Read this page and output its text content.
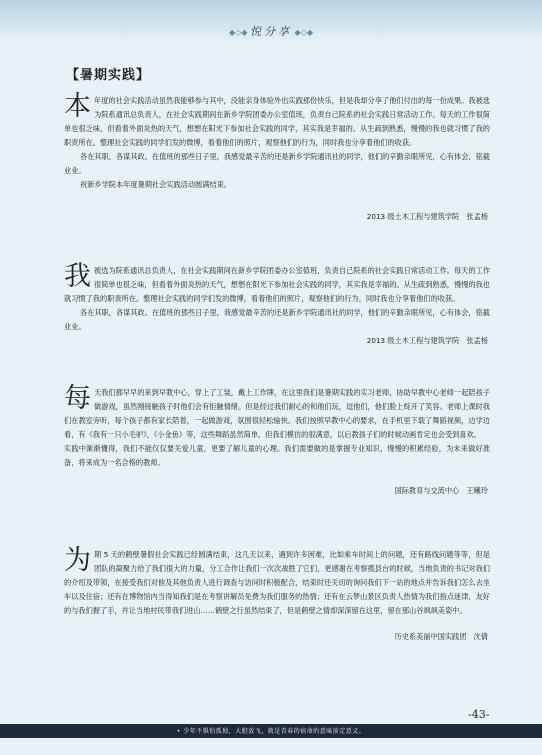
◆◇◆ 悦分享 ◆◇◆
【暑期实践】

本年度的社会实践活动虽然我能够参与其中，没能亲身体验外出实践那份快乐，但是我却分享了他们付出的每一份成果。我被选为院系通讯总负责人，在社会实践期间在新乡学院团委办公室值班，负责自己院系的社会实践日常活动工作。每天的工作很简单也很乏味，但看着外面炎热的天气，想想在阳光下参加社会实践的同学，其实我是幸福的。从生疏到熟悉，慢慢的我也就习惯了我的职责所在。整理社会实践的同学们发的微博，看着他们的照片，观察他们的行为，同时我也分享着他们的收获。

各在其职，各谋其政。在值班的那些日子里，我感觉最辛苦的还是新乡学院通讯社的同学，他们的辛勤亲眼所见，心有体会，铭截业业。

祝新乡学院本年度暑期社会实践活动圆满结束。

2013 级土木工程与建筑学院　张孟杨

我被选为院系通讯总负责人，在社会实践期间在新乡学院团委办公室值班，负责自己院系的社会实践日常活动工作。每天的工作很简单也很乏味，但看着外面炎热的天气，想想在阳光下参加社会实践的同学，其实我是幸福的。从生疏到熟悉，慢慢的我也就习惯了我的职责所在。整理社会实践的同学们发的微博，看着他们的照片，观察他们的行为，同时我也分享着他们的收获。

各在其职，各谋其政。在值班的那些日子里，我感觉最辛苦的还是新乡学院通讯社的同学，他们的辛勤亲眼所见，心有体会，铭截业业。

2013 级土木工程与建筑学院　张孟杨

每天我们都早早的来到早教中心，穿上了工装，戴上工作牌，在这里我们是暑期实践的实习老师，协助早教中心老师一起陪孩子做游戏，虽然刚接触孩子时他们会有拒触情绪。但是经过我们耐心的和他们玩，逗他们，他们脸上绽开了笑容。老师上课时我们在教室旁听，每个孩子都有家长陪着，一起做游戏，氛围很轻松愉快。我们按照早教中心的要求，在手机里下载了舞蹈视频，边学边看，有《我有一只小毛驴》，《小金鱼》等，这些舞蹈虽然简单，但我们模仿的很满意，以后教孩子们的时候动画肯定也会受到喜欢。

实践中渐渐懂得，我们不能仅仅要关爱儿童，更要了解儿童的心理。我们需要做的是掌握专业知识，慢慢的积累经验，为未来做好准备，将来成为一名合格的教师。

国际教育与交流中心　王曦玲

为期 5 天的鹤壁暑假社会实践已经圆满结束，这几天以来，遇到许多困难，比如乘车时间上的问题，还有路线问题等等，但是团队的凝聚力给了我们很大的力量，分工合作让我们一次次战胜了它们，更感谢在考察揽县台的时候，当地负责的书记对我们的介绍及带领，在接受我们对他及其他负责人进行调查与访问时积极配合，结束时还关切的询问我们下一站的地点并告诉我们怎么去坐车以及住宿；还有在博物馆内当得知我们是在考察讲解员免费为我们服务的热情；还有在云梦山景区负责人热情为我们指点迷津，友好的与我们握了手，并让当地村民带我们进山……鹤壁之行虽然结束了，但是鹤壁之情却深深留在这里，留在那山谷飒飒美姿中。

历史系美丽中国实践团　沈倩
-43-
• 少年不惧怕孤独，大胆放飞，就是青春的宿命的意味前定意义。
